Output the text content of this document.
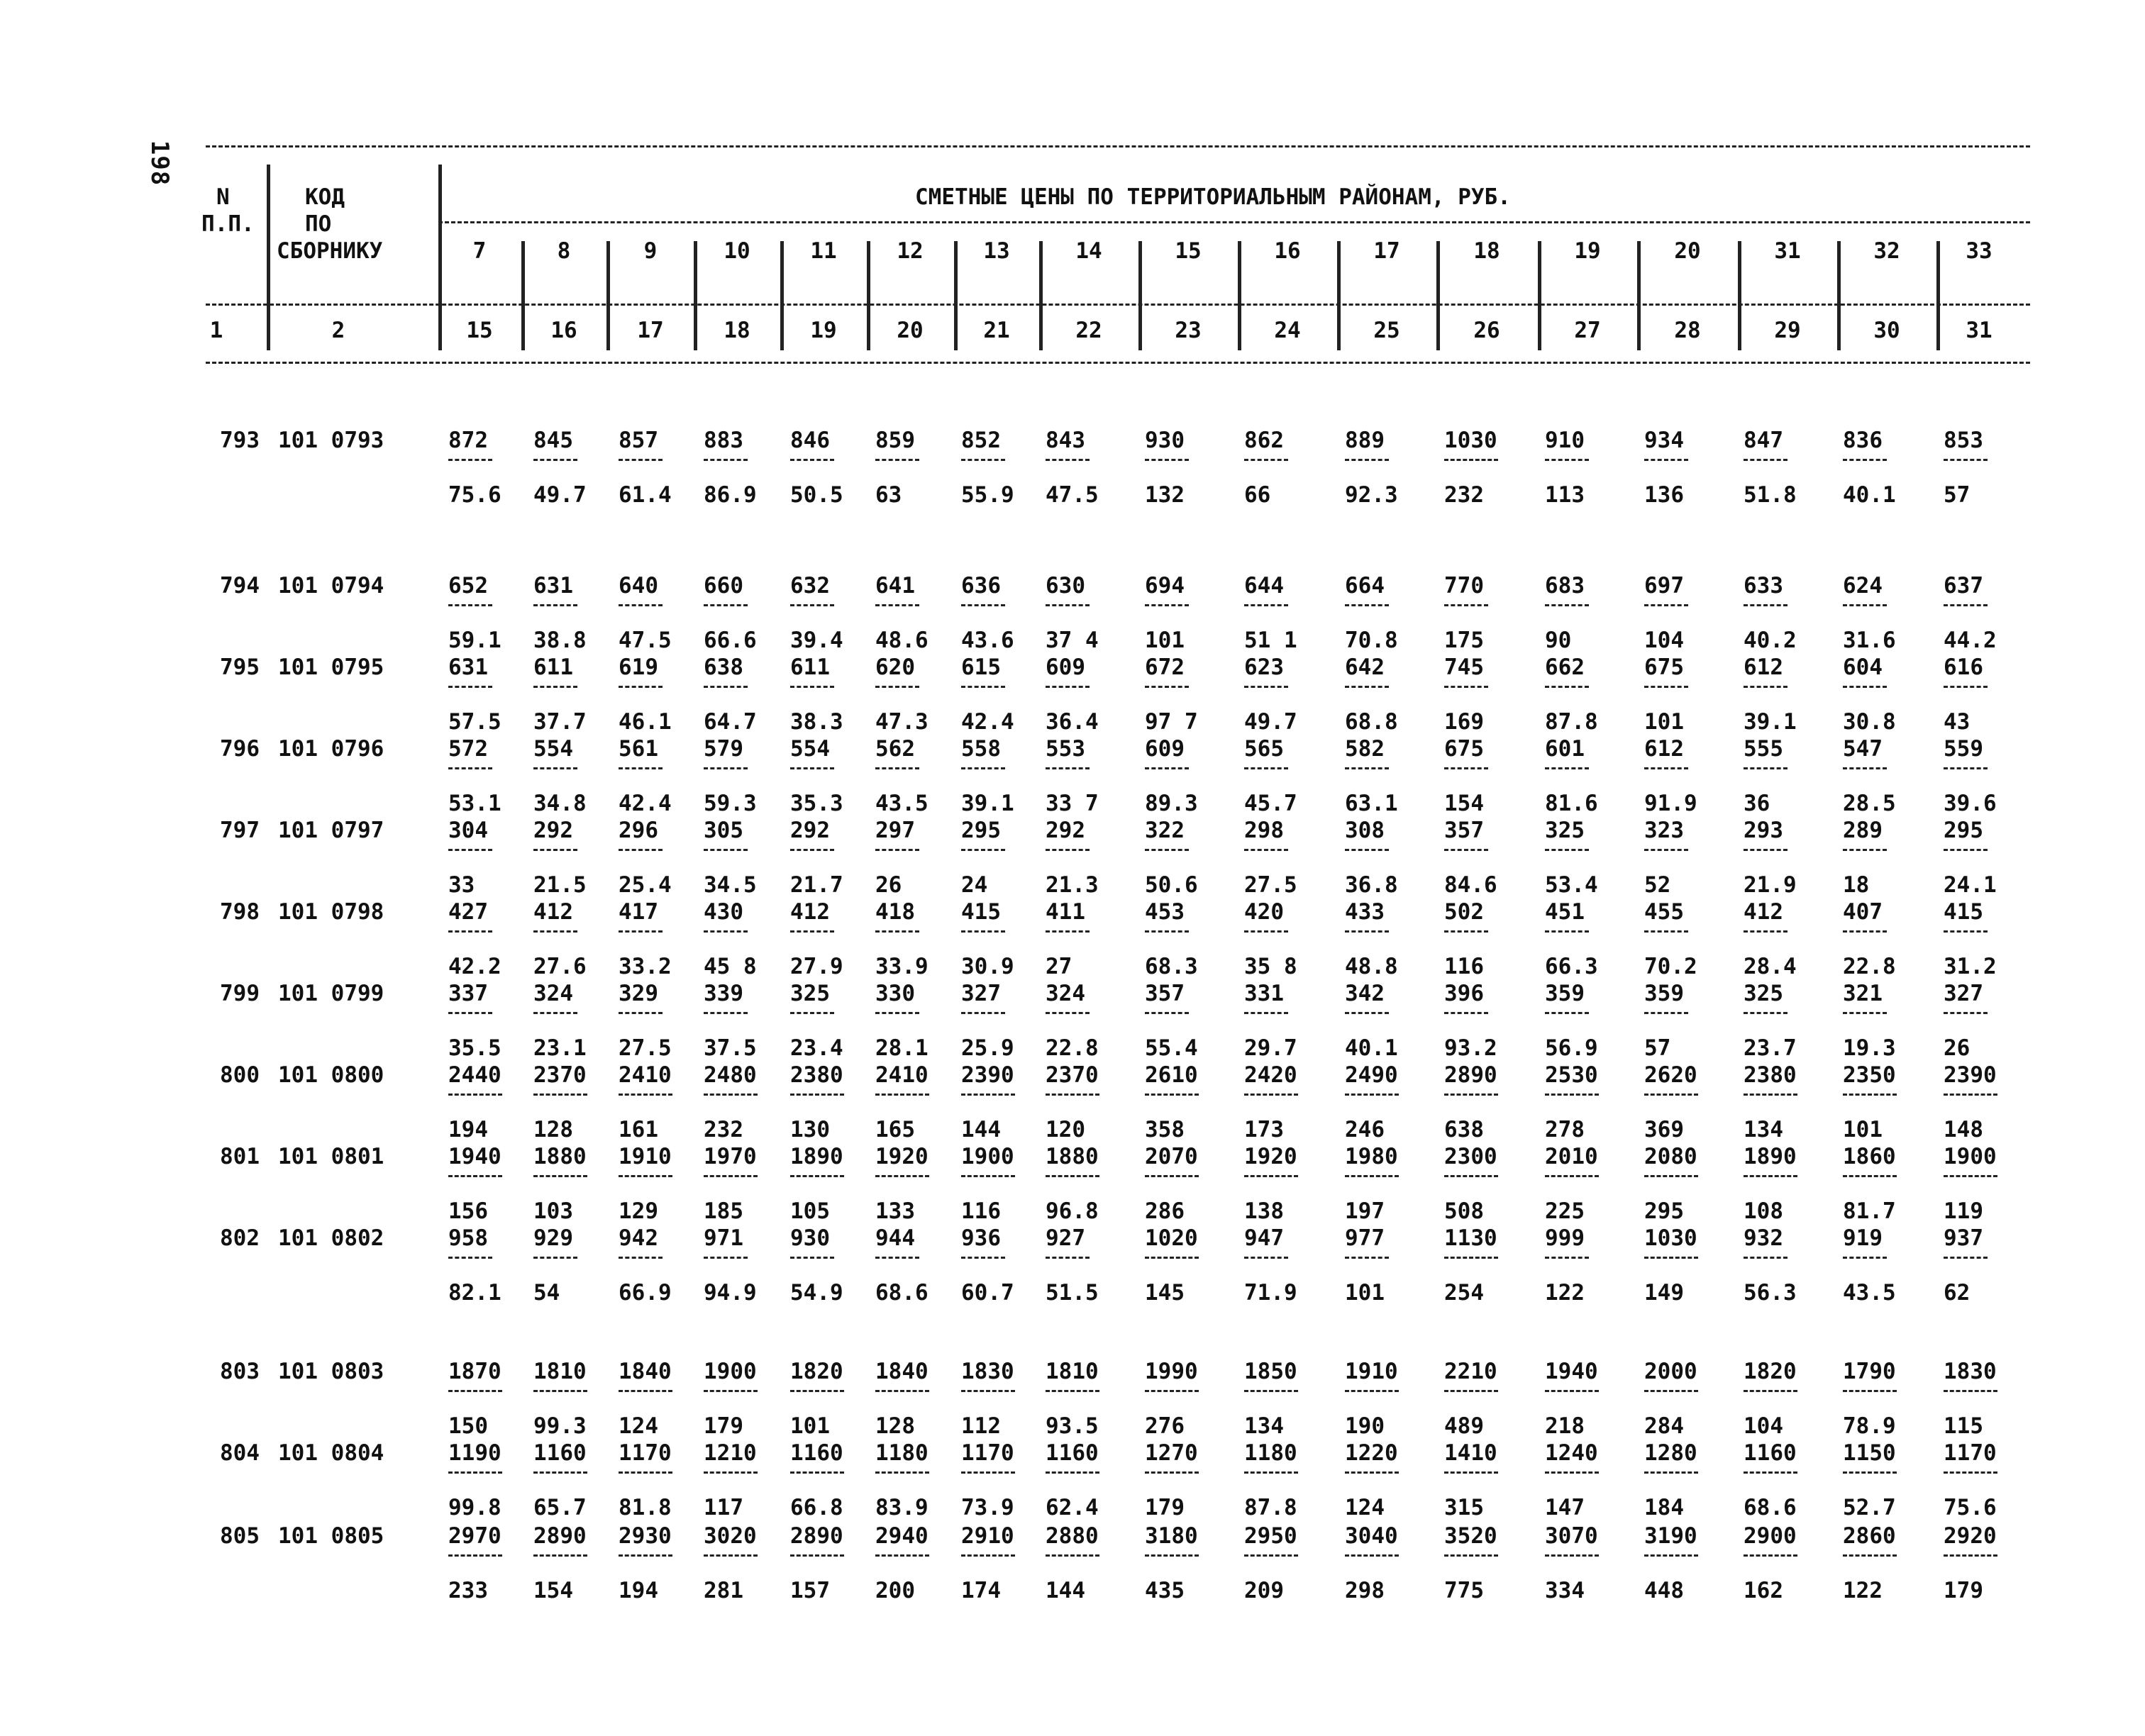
198
N
П.П.
КОД
ПО
СБОРНИКУ
СМЕТНЫЕ ЦЕНЫ ПО ТЕРРИТОРИАЛЬНЫМ РАЙОНАМ, РУБ.
7	8	9	10	11	12	13	14	15	16	17	18	19	20	31	32	33
1	2	15	16	17	18	19	20	21	22	23	24	25	26	27	28	29	30	31
793 101 0793	872 845 857 883 846 859 852 843	930	862	889	1030 910	934	847	836	853
75.6 49.7 61.4 86.9 50.5 63	55.9 47.5 132	66	92.3 232	113	136	51.8 40.1 57
794 101 0794	652 631 640 660 632 641 636 630	694	644	664	770	683	697	633	624	637
59.1 38.8 47.5 66.6 39.4 48.6 43.6 37 4 101	51 1 70.8 175	90	104	40.2 31.6 44.2
795 101 0795	631 611 619 638 611 620 615 609	672	623	642	745	662	675	612	604	616
57.5 37.7 46.1 64.7 38.3 47.3 42.4 36.4 97 7 49.7 68.8 169	87.8 101	39.1 30.8 43
796 101 0796	572 554 561 579 554 562 558 553	609	565	582	675	601	612	555	547	559
53.1 34.8 42.4 59.3 35.3 43.5 39.1 33 7 89.3 45.7 63.1 154	81.6 91.9 36	28.5 39.6
797 101 0797	304 292 296 305 292 297 295 292	322	298	308	357	325	323	293	289	295
33	21.5 25.4 34.5 21.7 26	24	21.3 50.6 27.5 36.8 84.6 53.4 52	21.9 18	24.1
798 101 0798	427 412 417 430 412 418 415 411	453	420	433	502	451	455	412	407	415
42.2 27.6 33.2 45 8 27.9 33.9 30.9 27	68.3 35 8 48.8 116	66.3 70.2 28.4 22.8 31.2
799 101 0799	337 324 329 339 325 330 327 324	357	331	342	396	359	359	325	321	327
35.5 23.1 27.5 37.5 23.4 28.1 25.9 22.8 55.4 29.7 40.1 93.2 56.9 57	23.7 19.3 26
800 101 0800	2440 2370 2410 2480 2380 2410 2390 2370 2610 2420 2490 2890 2530 2620 2380 2350 2390
194 128 161 232 130 165 144 120	358	173	246	638	278	369	134	101	148
801 101 0801	1940 1880 1910 1970 1890 1920 1900 1880 2070 1920 1980 2300 2010 2080 1890 1860 1900
156 103 129 185 105 133 116 96.8 286	138	197	508	225	295	108	81.7 119
802 101 0802	958 929 942 971 930 944 936 927	1020 947	977	1130 999	1030 932	919	937
82.1 54	66.9 94.9 54.9 68.6 60.7 51.5 145	71.9 101	254	122	149	56.3 43.5 62
803 101 0803	1870 1810 1840 1900 1820 1840 1830 1810 1990 1850 1910 2210 1940 2000 1820 1790 1830
150 99.3 124 179 101 128 112 93.5 276	134	190	489	218	284	104	78.9 115
804 101 0804	1190 1160 1170 1210 1160 1180 1170 1160 1270 1180 1220 1410 1240 1280 1160 1150 1170
99.8 65.7 81.8 117 66.8 83.9 73.9 62.4 179	87.8 124	315	147	184	68.6 52.7 75.6
805 101 0805	2970 2890 2930 3020 2890 2940 2910 2880 3180 2950 3040 3520 3070 3190 2900 2860 2920
233 154 194 281 157 200 174 144	435	209	298	775	334	448	162	122	179
